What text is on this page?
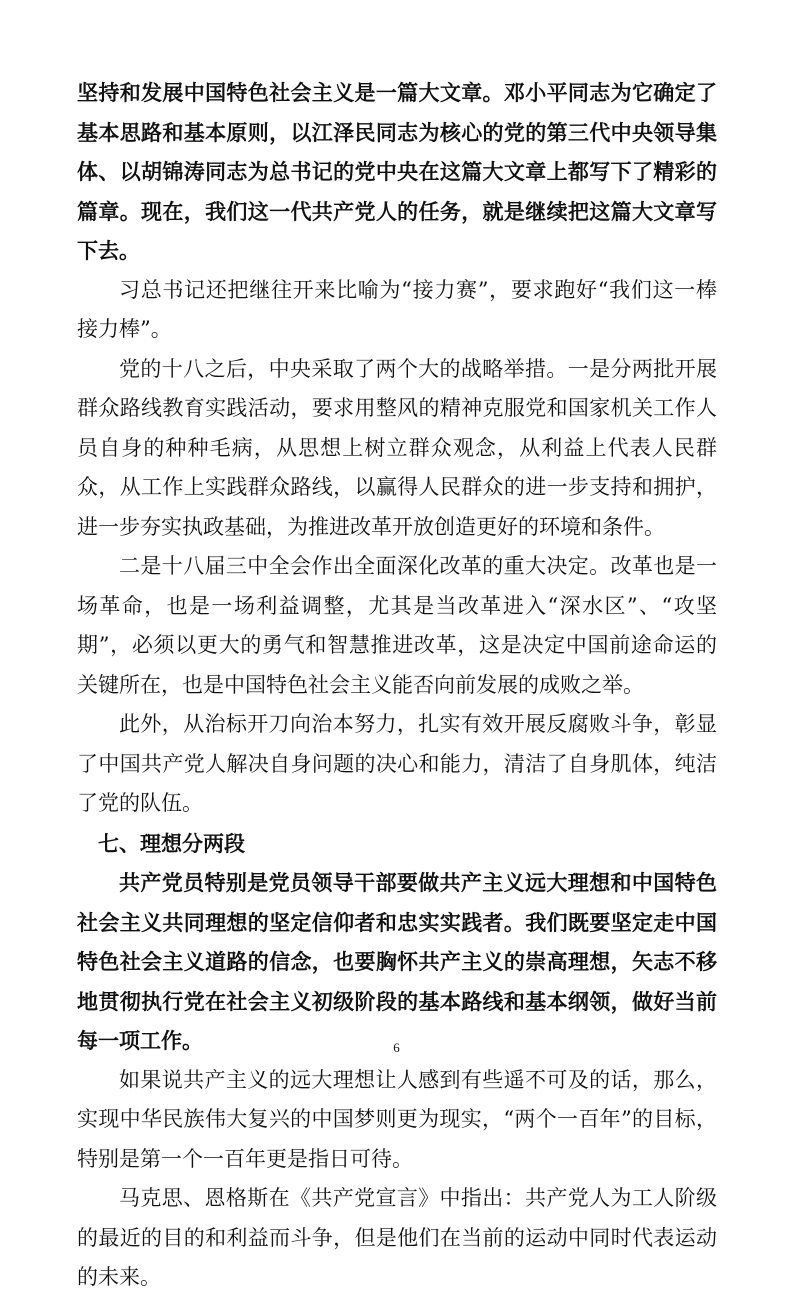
坚持和发展中国特色社会主义是一篇大文章。邓小平同志为它确定了基本思路和基本原则，以江泽民同志为核心的党的第三代中央领导集体、以胡锦涛同志为总书记的党中央在这篇大文章上都写下了精彩的篇章。现在，我们这一代共产党人的任务，就是继续把这篇大文章写下去。

习总书记还把继往开来比喻为“接力赛”，要求跑好“我们这一棒接力棒”。

党的十八之后，中央采取了两个大的战略举措。一是分两批开展群众路线教育实践活动，要求用整风的精神克服党和国家机关工作人员自身的种种毛病，从思想上树立群众观念，从利益上代表人民群众，从工作上实践群众路线，以赢得人民群众的进一步支持和拥护，进一步夯实执政基础，为推进改革开放创造更好的环境和条件。

二是十八届三中全会作出全面深化改革的重大决定。改革也是一场革命，也是一场利益调整，尤其是当改革进入“深水区”、“攻坚期”，必须以更大的勇气和智慧推进改革，这是决定中国前途命运的关键所在，也是中国特色社会主义能否向前发展的成败之举。

此外，从治标开刀向治本努力，扎实有效开展反腐败斗争，彰显了中国共产党人解决自身问题的决心和能力，清洁了自身肌体，纯洁了党的队伍。

七、理想分两段

共产党员特别是党员领导干部要做共产主义远大理想和中国特色社会主义共同理想的坚定信仰者和忠实实践者。我们既要坚定走中国特色社会主义道路的信念，也要胸怀共产主义的崇高理想，矢志不移地贯彻执行党在社会主义初级阶段的基本路线和基本纲领，做好当前每一项工作。

如果说共产主义的远大理想让人感到有些遥不可及的话，那么，实现中华民族伟大复兴的中国梦则更为现实，“两个一百年”的目标，特别是第一个一百年更是指日可待。

马克思、恩格斯在《共产党宣言》中指出：共产党人为工人阶级的最近的目的和利益而斗争，但是他们在当前的运动中同时代表运动的未来。

6
